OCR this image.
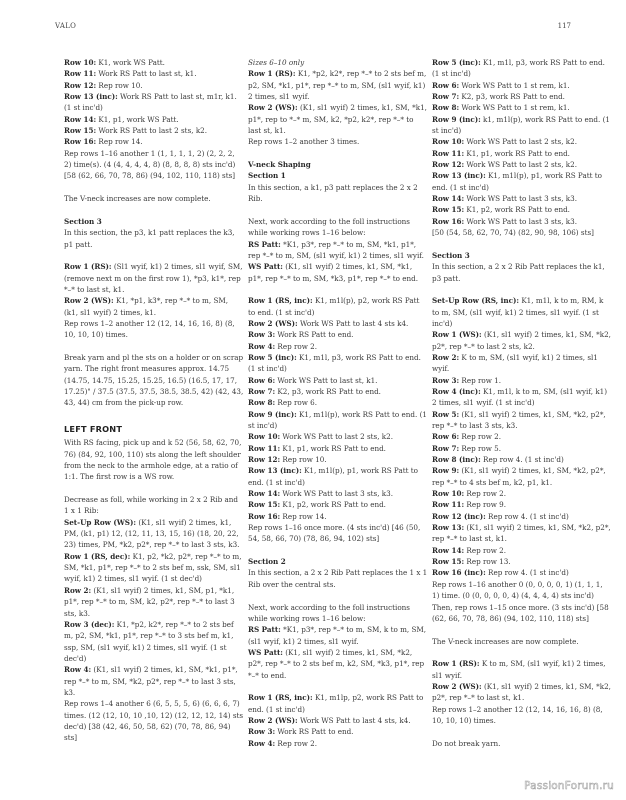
VALO	117

Row 10: K1, work WS Patt.

Row 11: Work RS Patt to last st, k1.

Row 12: Rep row 10.

Row 13 (inc): Work RS Patt to last st, m1r, k1. (1 st inc'd)

Row 14: K1, p1, work WS Patt.

Row 15: Work RS Patt to last 2 sts, k2.

Row 16: Rep row 14.

Rep rows 1–16 another 1 (1, 1, 1, 1, 2) (2, 2, 2, 2) time(s). (4 (4, 4, 4, 4, 8) (8, 8, 8, 8) sts inc'd) [58 (62, 66, 70, 78, 86) (94, 102, 110, 118) sts]

The V-neck increases are now complete.

Section 3

In this section, the p3, k1 patt replaces the k3, p1 patt.

Row 1 (RS): (Sl1 wyif, k1) 2 times, sl1 wyif, SM, (remove next m on the first row 1), *p3, k1*, rep *–* to last st, k1.

Row 2 (WS): K1, *p1, k3*, rep *–* to m, SM, (k1, sl1 wyif) 2 times, k1.

Rep rows 1–2 another 12 (12, 14, 16, 16, 8) (8, 10, 10, 10) times.

Break yarn and pl the sts on a holder or on scrap yarn. The right front measures approx. 14.75 (14.75, 14.75, 15.25, 15.25, 16.5) (16.5, 17, 17, 17.25)" / 37.5 (37.5, 37.5, 38.5, 38.5, 42) (42, 43, 43, 44) cm from the pick-up row.

LEFT FRONT

With RS facing, pick up and k 52 (56, 58, 62, 70, 76) (84, 92, 100, 110) sts along the left shoulder from the neck to the armhole edge, at a ratio of 1:1. The first row is a WS row.

Decrease as foll, while working in 2 x 2 Rib and 1 x 1 Rib:

Set-Up Row (WS): (K1, sl1 wyif) 2 times, k1, PM, (k1, p1) 12, (12, 11, 13, 15, 16) (18, 20, 22, 23) times, PM, *k2, p2*, rep *–* to last 3 sts, k3.

Row 1 (RS, dec): K1, p2, *k2, p2*, rep *–* to m, SM, *k1, p1*, rep *–* to 2 sts bef m, ssk, SM, sl1 wyif, k1) 2 times, sl1 wyif. (1 st dec'd)

Row 2: (K1, sl1 wyif) 2 times, k1, SM, p1, *k1, p1*, rep *–* to m, SM, k2, p2*, rep *–* to last 3 sts, k3.

Row 3 (dec): K1, *p2, k2*, rep *–* to 2 sts bef m, p2, SM, *k1, p1*, rep *–* to 3 sts bef m, k1, ssp, SM, (sl1 wyif, k1) 2 times, sl1 wyif. (1 st dec'd)

Row 4: (K1, sl1 wyif) 2 times, k1, SM, *k1, p1*, rep *–* to m, SM, *k2, p2*, rep *–* to last 3 sts, k3.

Rep rows 1–4 another 6 (6, 5, 5, 5, 6) (6, 6, 6, 7) times. (12 (12, 10, 10 ,10, 12) (12, 12, 12, 14) sts dec'd) [38 (42, 46, 50, 58, 62) (70, 78, 86, 94) sts]

Sizes 6–10 only

Row 1 (RS): K1, *p2, k2*, rep *–* to 2 sts bef m, p2, SM, *k1, p1*, rep *–* to m, SM, (sl1 wyif, k1) 2 times, sl1 wyif.

Row 2 (WS): (K1, sl1 wyif) 2 times, k1, SM, *k1, p1*, rep to *–* m, SM, k2, *p2, k2*, rep *–* to last st, k1.

Rep rows 1–2 another 3 times.

V-neck Shaping

Section 1

In this section, a k1, p3 patt replaces the 2 x 2 Rib.

Next, work according to the foll instructions while working rows 1–16 below:

RS Patt: *K1, p3*, rep *–* to m, SM, *k1, p1*, rep *–* to m, SM, (sl1 wyif, k1) 2 times, sl1 wyif.

WS Patt: (K1, sl1 wyif) 2 times, k1, SM, *k1, p1*, rep *–* to m, SM, *k3, p1*, rep *–* to end.

Row 1 (RS, inc): K1, m1l(p), p2, work RS Patt to end. (1 st inc'd)

Row 2 (WS): Work WS Patt to last 4 sts k4.

Row 3: Work RS Patt to end.

Row 4: Rep row 2.

Row 5 (inc): K1, m1l, p3, work RS Patt to end. (1 st inc'd)

Row 6: Work WS Patt to last st, k1.

Row 7: K2, p3, work RS Patt to end.

Row 8: Rep row 6.

Row 9 (inc): K1, m1l(p), work RS Patt to end. (1 st inc'd)

Row 10: Work WS Patt to last 2 sts, k2.

Row 11: K1, p1, work RS Patt to end.

Row 12: Rep row 10.

Row 13 (inc): K1, m1l(p), p1, work RS Patt to end. (1 st inc'd)

Row 14: Work WS Patt to last 3 sts, k3.

Row 15: K1, p2, work RS Patt to end.

Row 16: Rep row 14.

Rep rows 1–16 once more. (4 sts inc'd) [46 (50, 54, 58, 66, 70) (78, 86, 94, 102) sts]

Section 2

In this section, a 2 x 2 Rib Patt replaces the 1 x 1 Rib over the central sts.

Next, work according to the foll instructions while working rows 1–16 below:

RS Patt: *K1, p3*, rep *–* to m, SM, k to m, SM, (sl1 wyif, k1) 2 times, sl1 wyif.

WS Patt: (K1, sl1 wyif) 2 times, k1, SM, *k2, p2*, rep *–* to 2 sts bef m, k2, SM, *k3, p1*, rep *–* to end.

Row 1 (RS, inc): K1, m1lp, p2, work RS Patt to end. (1 st inc'd)

Row 2 (WS): Work WS Patt to last 4 sts, k4.

Row 3: Work RS Patt to end.

Row 4: Rep row 2.

Row 5 (inc): K1, m1l, p3, work RS Patt to end. (1 st inc'd)

Row 6: Work WS Patt to 1 st rem, k1.

Row 7: K2, p3, work RS Patt to end.

Row 8: Work WS Patt to 1 st rem, k1.

Row 9 (inc): k1, m1l(p), work RS Patt to end. (1 st inc'd)

Row 10: Work WS Patt to last 2 sts, k2.

Row 11: K1, p1, work RS Patt to end.

Row 12: Work WS Patt to last 2 sts, k2.

Row 13 (inc): K1, m1l(p), p1, work RS Patt to end. (1 st inc'd)

Row 14: Work WS Patt to last 3 sts, k3.

Row 15: K1, p2, work RS Patt to end.

Row 16: Work WS Patt to last 3 sts, k3.

[50 (54, 58, 62, 70, 74) (82, 90, 98, 106) sts]

Section 3

In this section, a 2 x 2 Rib Patt replaces the k1, p3 patt.

Set-Up Row (RS, inc): K1, m1l, k to m, RM, k to m, SM, (sl1 wyif, k1) 2 times, sl1 wyif. (1 st inc'd)

Row 1 (WS): (K1, sl1 wyif) 2 times, k1, SM, *k2, p2*, rep *–* to last 2 sts, k2.

Row 2: K to m, SM, (sl1 wyif, k1) 2 times, sl1 wyif.

Row 3: Rep row 1.

Row 4 (inc): K1, m1l, k to m, SM, (sl1 wyif, k1) 2 times, sl1 wyif. (1 st inc'd)

Row 5: (K1, sl1 wyif) 2 times, k1, SM, *k2, p2*, rep *–* to last 3 sts, k3.

Row 6: Rep row 2.

Row 7: Rep row 5.

Row 8 (inc): Rep row 4. (1 st inc'd)

Row 9: (K1, sl1 wyif) 2 times, k1, SM, *k2, p2*, rep *–* to 4 sts bef m, k2, p1, k1.

Row 10: Rep row 2.

Row 11: Rep row 9.

Row 12 (inc): Rep row 4. (1 st inc'd)

Row 13: (K1, sl1 wyif) 2 times, k1, SM, *k2, p2*, rep *–* to last st, k1.

Row 14: Rep row 2.

Row 15: Rep row 13.

Row 16 (inc): Rep row 4. (1 st inc'd)

Rep rows 1–16 another 0 (0, 0, 0, 0, 1) (1, 1, 1, 1) time. (0 (0, 0, 0, 0, 4) (4, 4, 4, 4) sts inc'd)

Then, rep rows 1–15 once more. (3 sts inc'd) [58 (62, 66, 70, 78, 86) (94, 102, 110, 118) sts]

The V-neck increases are now complete.

Row 1 (RS): K to m, SM, (sl1 wyif, k1) 2 times, sl1 wyif.

Row 2 (WS): (K1, sl1 wyif) 2 times, k1, SM, *k2, p2*, rep *–* to last st, k1.

Rep rows 1–2 another 12 (12, 14, 16, 16, 8) (8, 10, 10, 10) times.

Do not break yarn.

PassionForum.ru
